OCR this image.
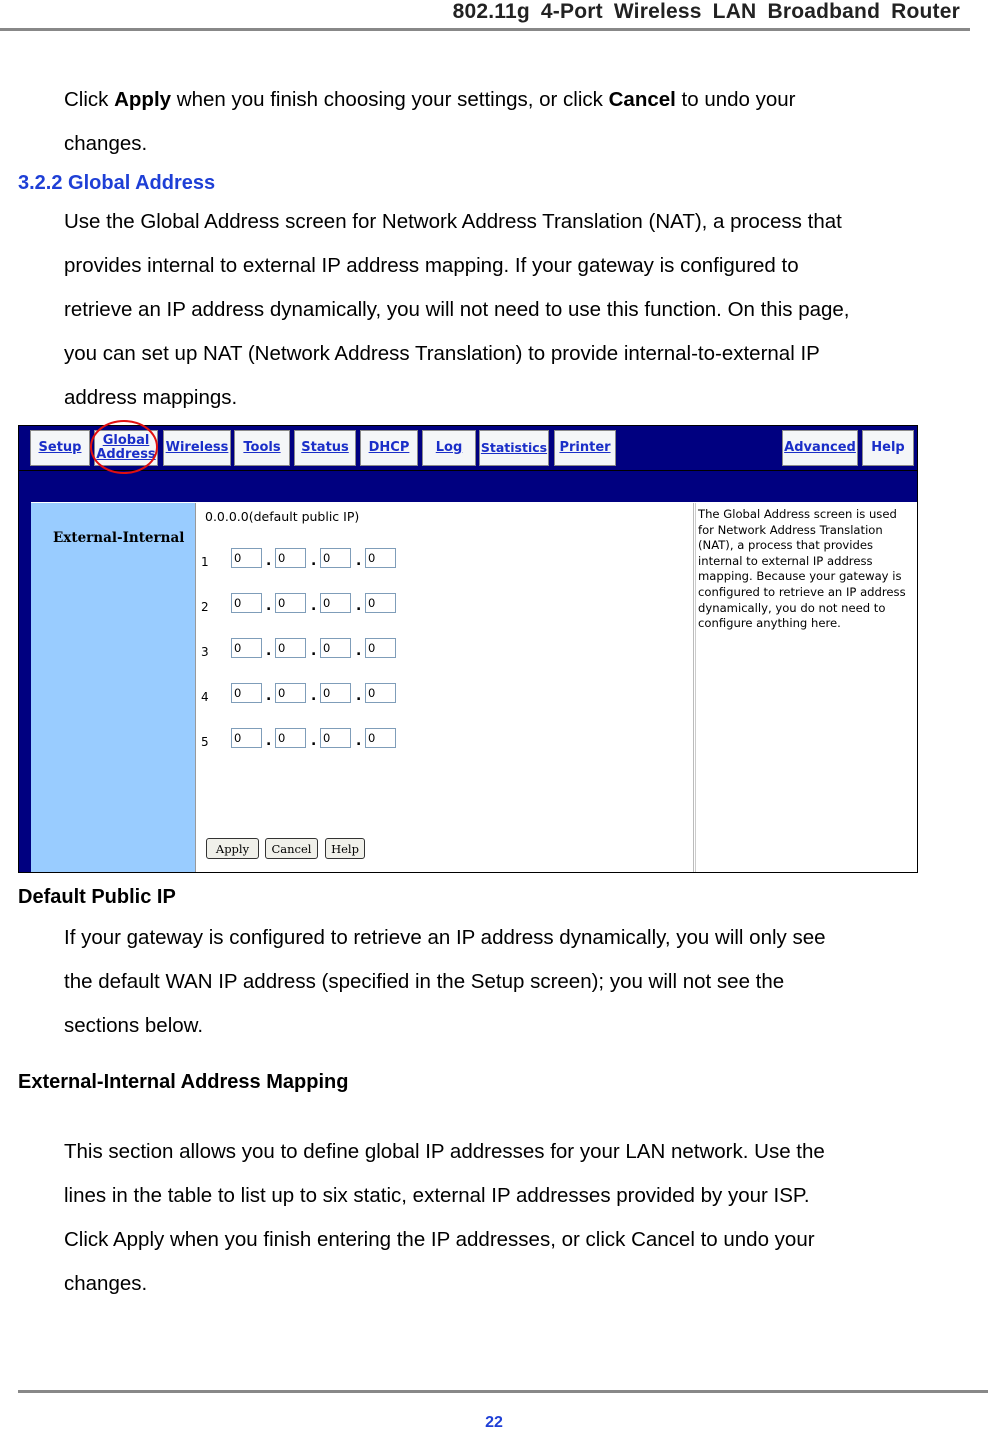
802.11g 4-Port Wireless LAN Broadband Router
Click Apply when you finish choosing your settings, or click Cancel to undo your
changes.
3.2.2 Global Address
Use the Global Address screen for Network Address Translation (NAT), a process that
provides internal to external IP address mapping. If your gateway is configured to
retrieve an IP address dynamically, you will not need to use this function. On this page,
you can set up NAT (Network Address Translation) to provide internal-to-external IP
address mappings.
Setup	Global Address Wireless	Tools	Status	DHCP	Log	Statistics Printer	Advanced	Help
External-Internal
0.0.0.0(default public IP)
1
0	.
0	.
0	.
0
2
0	.
0	.
0	.
0
3
0	.
0	.
0	.
0
4
0	.
0	.
0	.
0
5
0	.
0	.
0	.
0
Apply	Cancel	Help
The Global Address screen is used for Network Address Translation (NAT), a process that provides internal to external IP address mapping. Because your gateway is configured to retrieve an IP address dynamically, you do not need to configure anything here.
Default Public IP
If your gateway is configured to retrieve an IP address dynamically, you will only see
the default WAN IP address (specified in the Setup screen); you will not see the
sections below.
External-Internal Address Mapping
This section allows you to define global IP addresses for your LAN network. Use the
lines in the table to list up to six static, external IP addresses provided by your ISP.
Click Apply when you finish entering the IP addresses, or click Cancel to undo your
changes.
22
